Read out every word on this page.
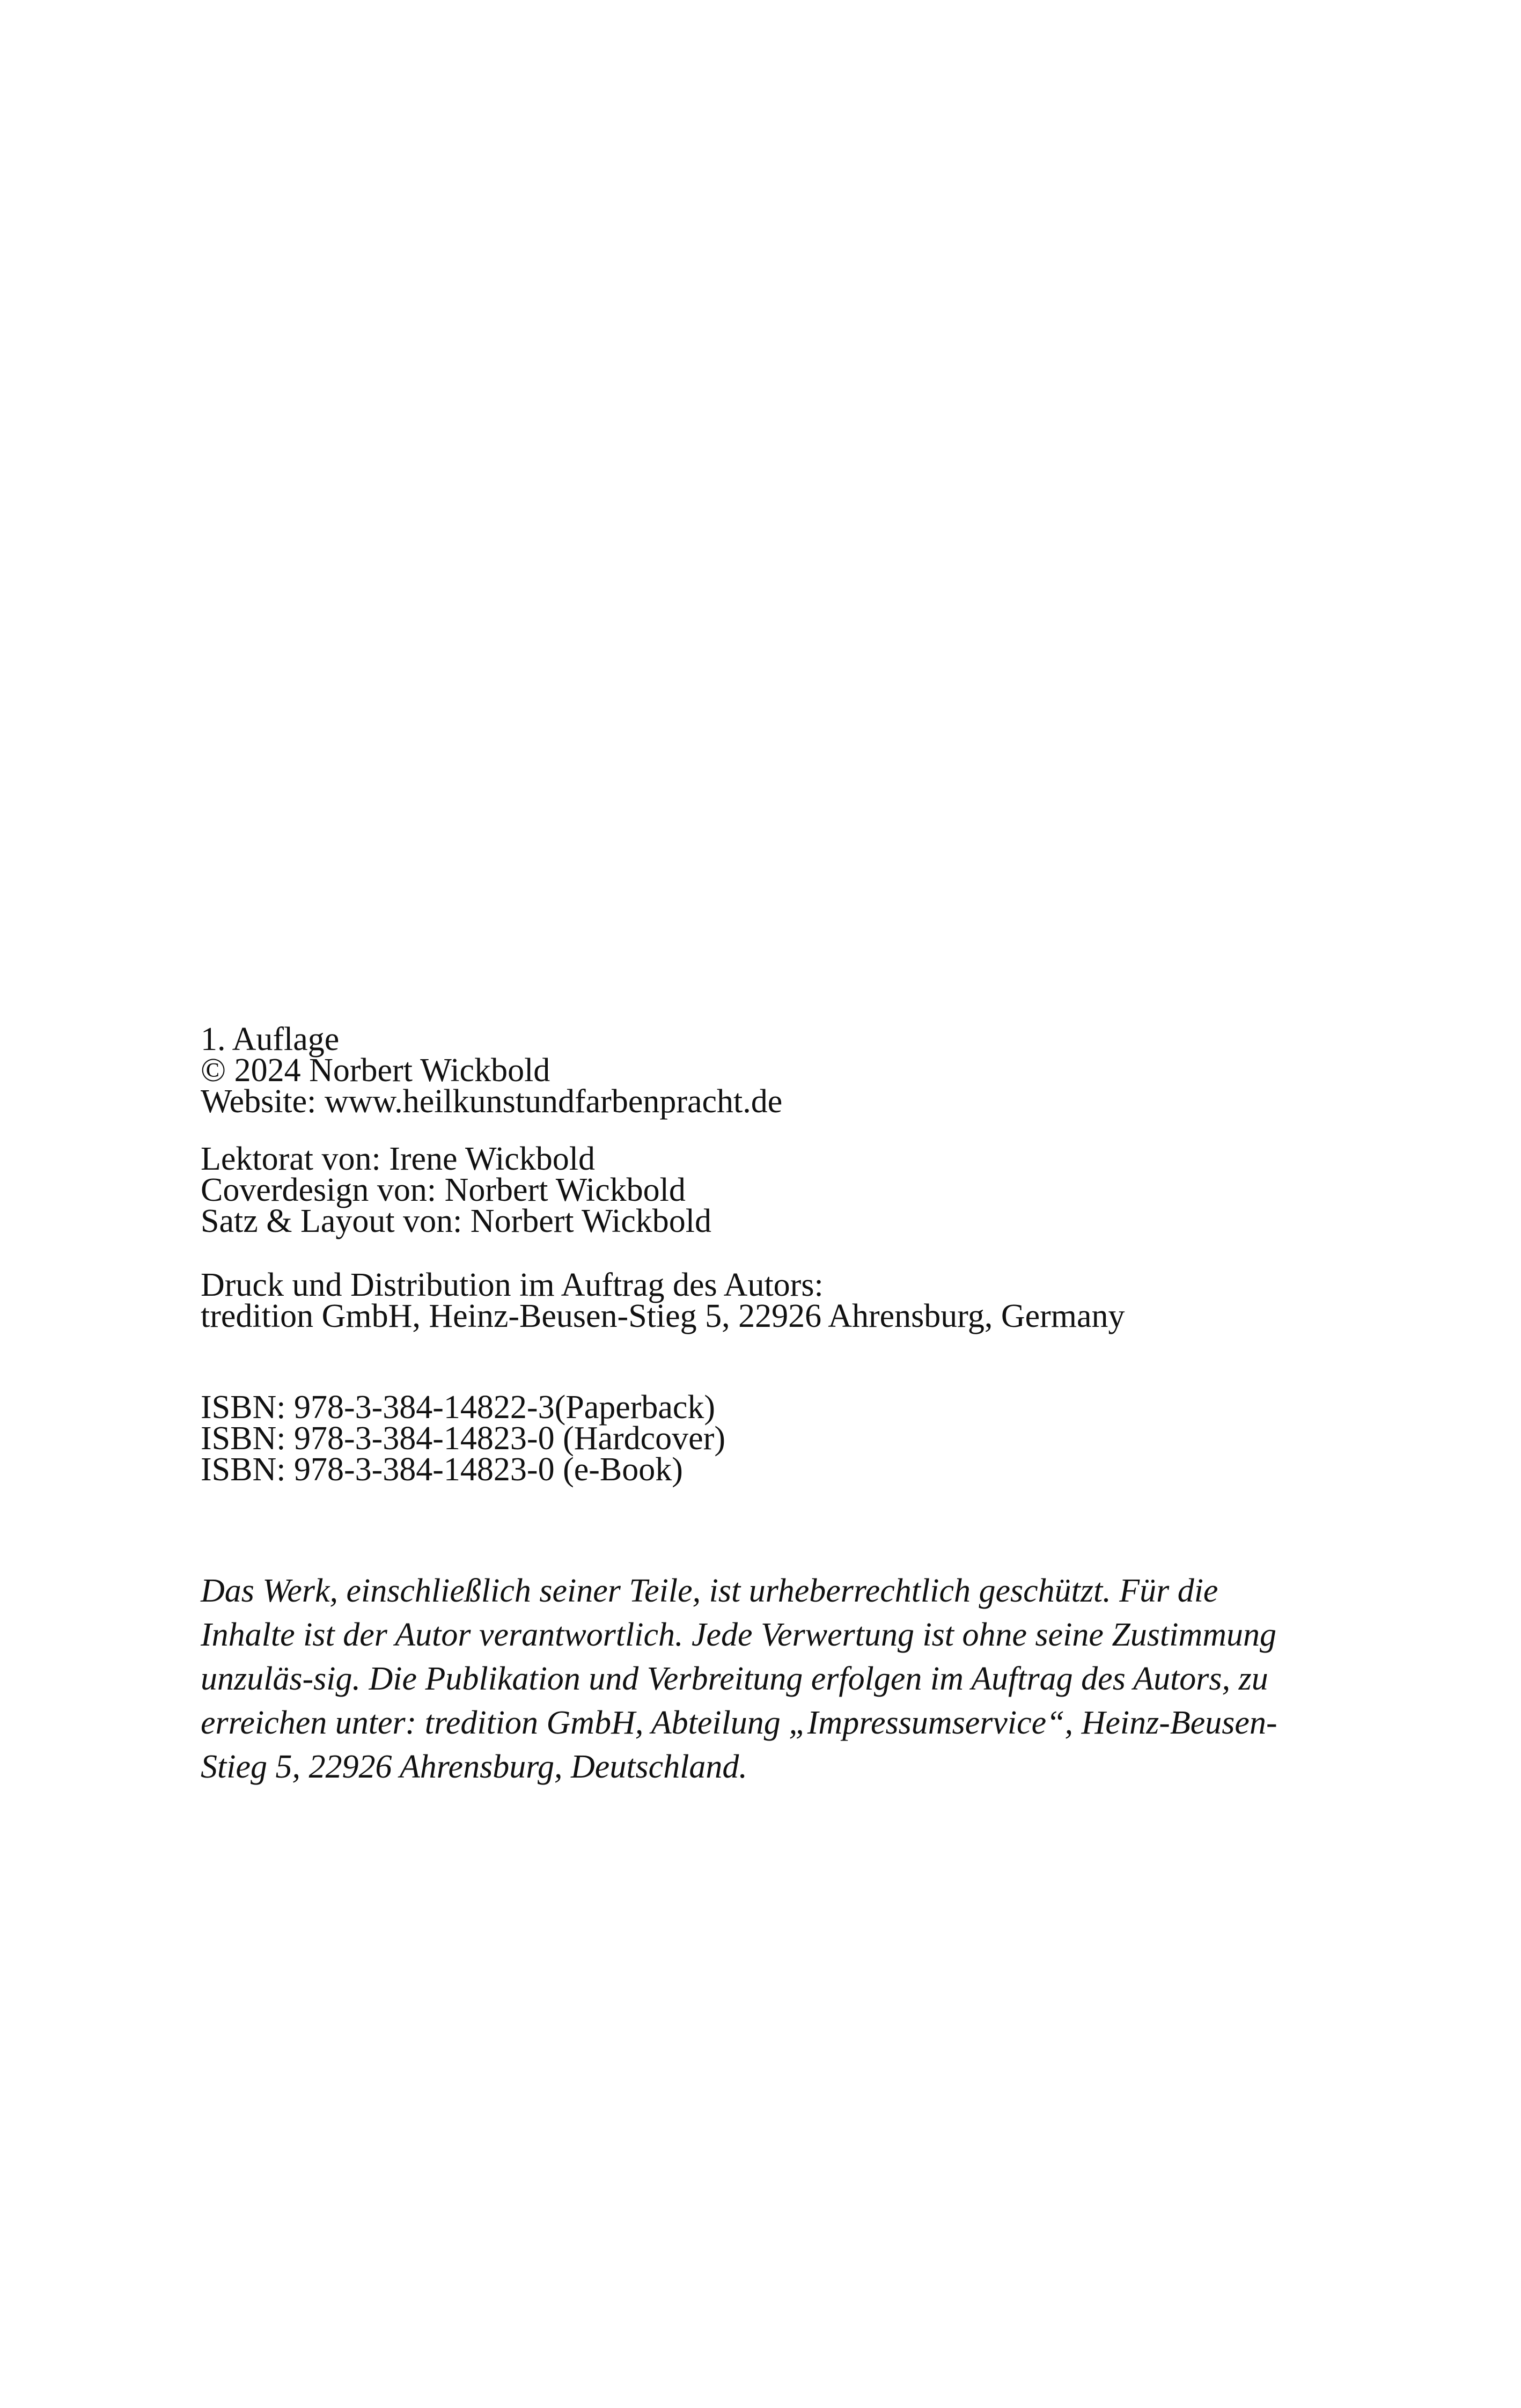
1. Auflage
© 2024 Norbert Wickbold
Website: www.heilkunstundfarbenpracht.de
Lektorat von: Irene Wickbold
Coverdesign von: Norbert Wickbold
Satz & Layout von: Norbert Wickbold
Druck und Distribution im Auftrag des Autors:
tredition GmbH, Heinz-Beusen-Stieg 5, 22926 Ahrensburg, Germany
ISBN: 978-3-384-14822-3(Paperback)
ISBN: 978-3-384-14823-0 (Hardcover)
ISBN: 978-3-384-14823-0 (e-Book)

Das Werk, einschließlich seiner Teile, ist urheberrechtlich geschützt. Für die Inhalte ist der Autor verantwortlich. Jede Verwertung ist ohne seine Zustimmung unzuläs-sig. Die Publikation und Verbreitung erfolgen im Auftrag des Autors, zu erreichen unter: tredition GmbH, Abteilung „Impressumservice“, Heinz-Beusen-Stieg 5, 22926 Ahrensburg, Deutschland.
